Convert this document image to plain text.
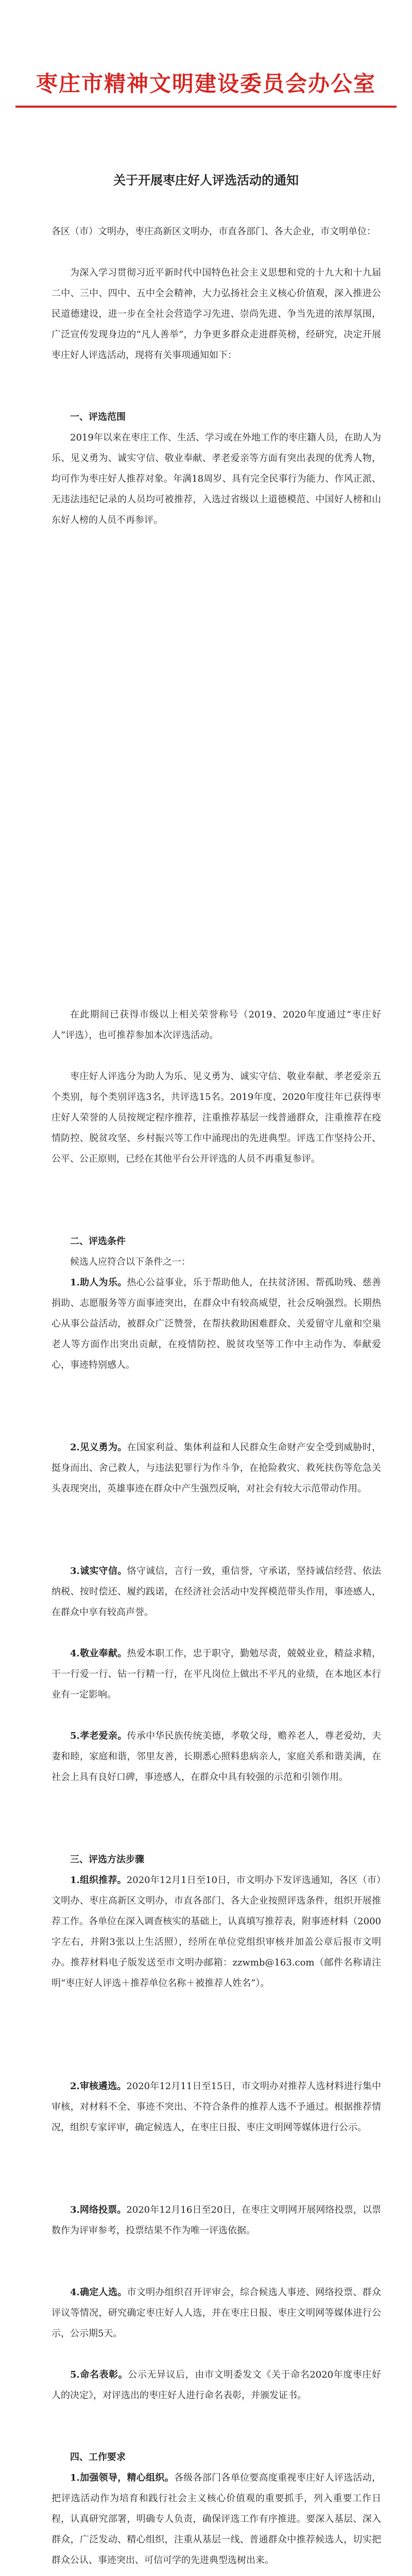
枣庄市精神文明建设委员会办公室
关于开展枣庄好人评选活动的通知

各区（市）文明办，枣庄高新区文明办，市直各部门、各大企业，市文明单位：

为深入学习贯彻习近平新时代中国特色社会主义思想和党的十九大和十九届二中、三中、四中、五中全会精神，大力弘扬社会主义核心价值观，深入推进公民道德建设，进一步在全社会营造学习先进、崇尚先进、争当先进的浓厚氛围，广泛宣传发现身边的“凡人善举”，力争更多群众走进群英榜，经研究，决定开展枣庄好人评选活动，现将有关事项通知如下：

一、评选范围

2019年以来在枣庄工作、生活、学习或在外地工作的枣庄籍人员，在助人为乐、见义勇为、诚实守信、敬业奉献、孝老爱亲等方面有突出表现的优秀人物，均可作为枣庄好人推荐对象。年满18周岁、具有完全民事行为能力、作风正派、无违法违纪记录的人员均可被推荐，入选过省级以上道德模范、中国好人榜和山东好人榜的人员不再参评。

在此期间已获得市级以上相关荣誉称号（2019、2020年度通过“枣庄好人”评选），也可推荐参加本次评选活动。

枣庄好人评选分为助人为乐、见义勇为、诚实守信、敬业奉献、孝老爱亲五个类别，每个类别评选3名，共评选15名。2019年度、2020年度往年已获得枣庄好人荣誉的人员按规定程序推荐，注重推荐基层一线普通群众，注重推荐在疫情防控、脱贫攻坚、乡村振兴等工作中涌现出的先进典型。评选工作坚持公开、公平、公正原则，已经在其他平台公开评选的人员不再重复参评。

二、评选条件

候选人应符合以下条件之一：

1.助人为乐。热心公益事业，乐于帮助他人，在扶贫济困、帮孤助残、慈善捐助、志愿服务等方面事迹突出，在群众中有较高威望，社会反响强烈。长期热心从事公益活动，被群众广泛赞誉，在帮扶救助困难群众、关爱留守儿童和空巢老人等方面作出突出贡献，在疫情防控、脱贫攻坚等工作中主动作为、奉献爱心，事迹特别感人。

2.见义勇为。在国家利益、集体利益和人民群众生命财产安全受到威胁时，挺身而出、舍己救人，与违法犯罪行为作斗争，在抢险救灾、救死扶伤等危急关头表现突出，英雄事迹在群众中产生强烈反响，对社会有较大示范带动作用。

3.诚实守信。恪守诚信，言行一致，重信誉，守承诺，坚持诚信经营、依法纳税、按时偿还、履约践诺，在经济社会活动中发挥模范带头作用，事迹感人，在群众中享有较高声誉。

4.敬业奉献。热爱本职工作，忠于职守，勤勉尽责，兢兢业业，精益求精，干一行爱一行、钻一行精一行，在平凡岗位上做出不平凡的业绩，在本地区本行业有一定影响。

5.孝老爱亲。传承中华民族传统美德，孝敬父母，赡养老人，尊老爱幼，夫妻和睦，家庭和谐，邻里友善，长期悉心照料患病亲人，家庭关系和谐美满，在社会上具有良好口碑，事迹感人，在群众中具有较强的示范和引领作用。

三、评选方法步骤

1.组织推荐。2020年12月1日至10日，市文明办下发评选通知，各区（市）文明办、枣庄高新区文明办，市直各部门、各大企业按照评选条件，组织开展推荐工作。各单位在深入调查核实的基础上，认真填写推荐表，附事迹材料（2000字左右，并附3张以上生活照），经所在单位党组织审核并加盖公章后报市文明办。推荐材料电子版发送至市文明办邮箱：zzwmb@163.com（邮件名称请注明“枣庄好人评选＋推荐单位名称＋被推荐人姓名”）。

2.审核遴选。2020年12月11日至15日，市文明办对推荐人选材料进行集中审核，对材料不全、事迹不突出、不符合条件的推荐人选不予通过。根据推荐情况，组织专家评审，确定候选人，在枣庄日报、枣庄文明网等媒体进行公示。

3.网络投票。2020年12月16日至20日，在枣庄文明网开展网络投票，以票数作为评审参考，投票结果不作为唯一评选依据。

4.确定人选。市文明办组织召开评审会，综合候选人事迹、网络投票、群众评议等情况，研究确定枣庄好人人选，并在枣庄日报、枣庄文明网等媒体进行公示，公示期5天。

5.命名表彰。公示无异议后，由市文明委发文《关于命名2020年度枣庄好人的决定》，对评选出的枣庄好人进行命名表彰，并颁发证书。

四、工作要求

1.加强领导，精心组织。各级各部门各单位要高度重视枣庄好人评选活动，把评选活动作为培育和践行社会主义核心价值观的重要抓手，列入重要工作日程，认真研究部署，明确专人负责，确保评选工作有序推进。要深入基层、深入群众，广泛发动、精心组织，注重从基层一线、普通群众中推荐候选人，切实把群众公认、事迹突出、可信可学的先进典型选树出来。
